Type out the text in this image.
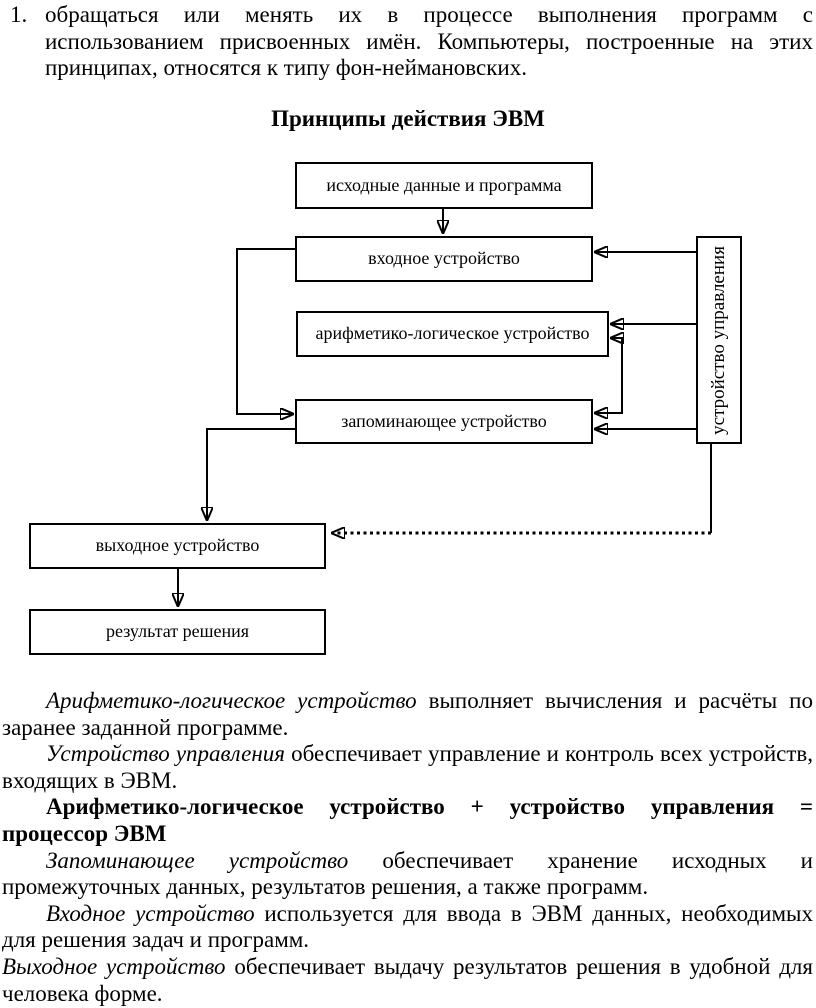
1. обращаться или менять их в процессе выполнения программ с использованием присвоенных имён. Компьютеры, построенные на этих принципах, относятся к типу фон-неймановских.
Принципы действия ЭВМ
исходные данные и программа
входное устройство
арифметико-логическое устройство
запоминающее устройство	устройство управления
выходное устройство
результат решения

Арифметико-логическое устройство выполняет вычисления и расчёты по заранее заданной программе.

Устройство управления обеспечивает управление и контроль всех устройств, входящих в ЭВМ.

Арифметико-логическое устройство + устройство управления = процессор ЭВМ

Запоминающее устройство обеспечивает хранение исходных и промежуточных данных, результатов решения, а также программ.

Входное устройство используется для ввода в ЭВМ данных, необходимых для решения задач и программ.

Выходное устройство обеспечивает выдачу результатов решения в удобной для человека форме.
